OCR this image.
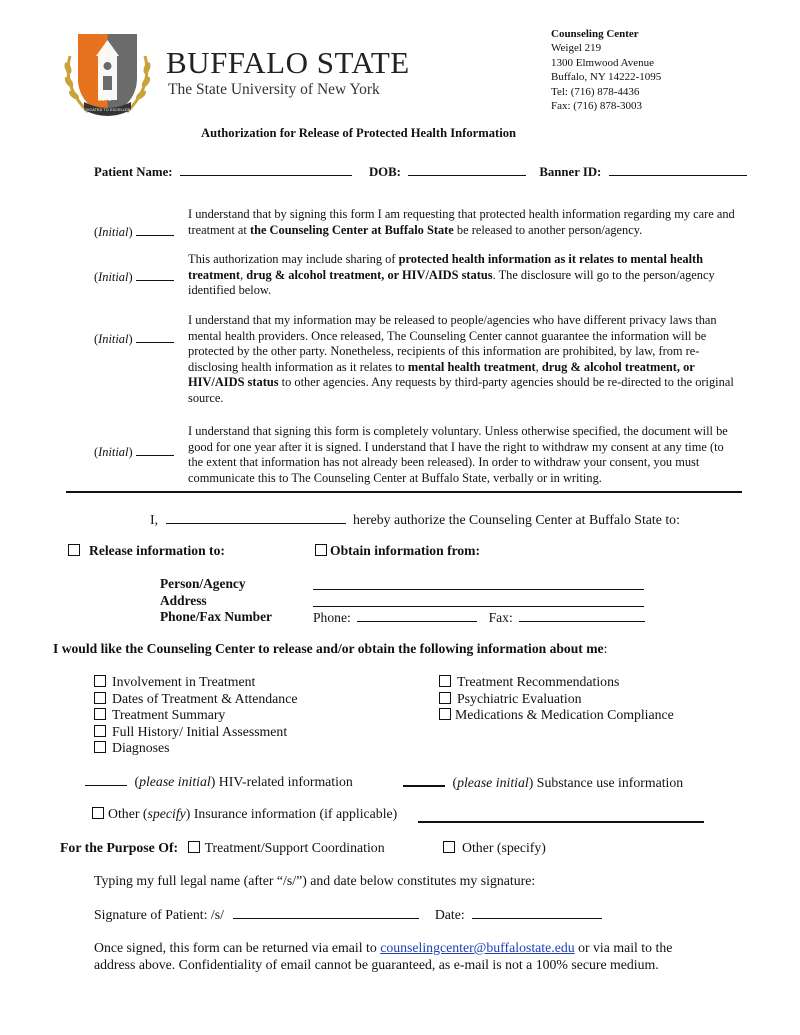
1871
DEDICATED TO EXCELLENCE
BUFFALO STATE
The State University of New York
Counseling Center
Weigel 219
1300 Elmwood Avenue
Buffalo, NY 14222-1095
Tel: (716) 878-4436
Fax: (716) 878-3003
Authorization for Release of Protected Health Information
Patient Name:	DOB:	Banner ID:
(Initial)
I understand that by signing this form I am requesting that protected health information regarding my care and treatment at the Counseling Center at Buffalo State be released to another person/agency.
(Initial)
This authorization may include sharing of protected health information as it relates to mental health treatment, drug & alcohol treatment, or HIV/AIDS status. The disclosure will go to the person/agency identified below.
(Initial)
I understand that my information may be released to people/agencies who have different privacy laws than mental health providers. Once released, The Counseling Center cannot guarantee the information will be protected by the other party. Nonetheless, recipients of this information are prohibited, by law, from re-disclosing health information as it relates to mental health treatment, drug & alcohol treatment, or HIV/AIDS status to other agencies. Any requests by third-party agencies should be re-directed to the original source.
(Initial)
I understand that signing this form is completely voluntary. Unless otherwise specified, the document will be good for one year after it is signed. I understand that I have the right to withdraw my consent at any time (to the extent that information has not already been released). In order to withdraw your consent, you must communicate this to The Counseling Center at Buffalo State, verbally or in writing.
I,	hereby authorize the Counseling Center at Buffalo State to:
Release information to:	Obtain information from:
Person/Agency
Address
Phone/Fax Number	Phone:	Fax:
I would like the Counseling Center to release and/or obtain the following information about me:
Involvement in Treatment
Dates of Treatment & Attendance
Treatment Summary
Full History/ Initial Assessment
Diagnoses
Treatment Recommendations
Psychiatric Evaluation
Medications & Medication Compliance
(please initial) HIV-related information	(please initial) Substance use information
Other (specify) Insurance information (if applicable)
For the Purpose Of: Treatment/Support Coordination	Other (specify)
Typing my full legal name (after “/s/”) and date below constitutes my signature:
Signature of Patient: /s/	Date:
Once signed, this form can be returned via email to counselingcenter@buffalostate.edu or via mail to the address above. Confidentiality of email cannot be guaranteed, as e-mail is not a 100% secure medium.
